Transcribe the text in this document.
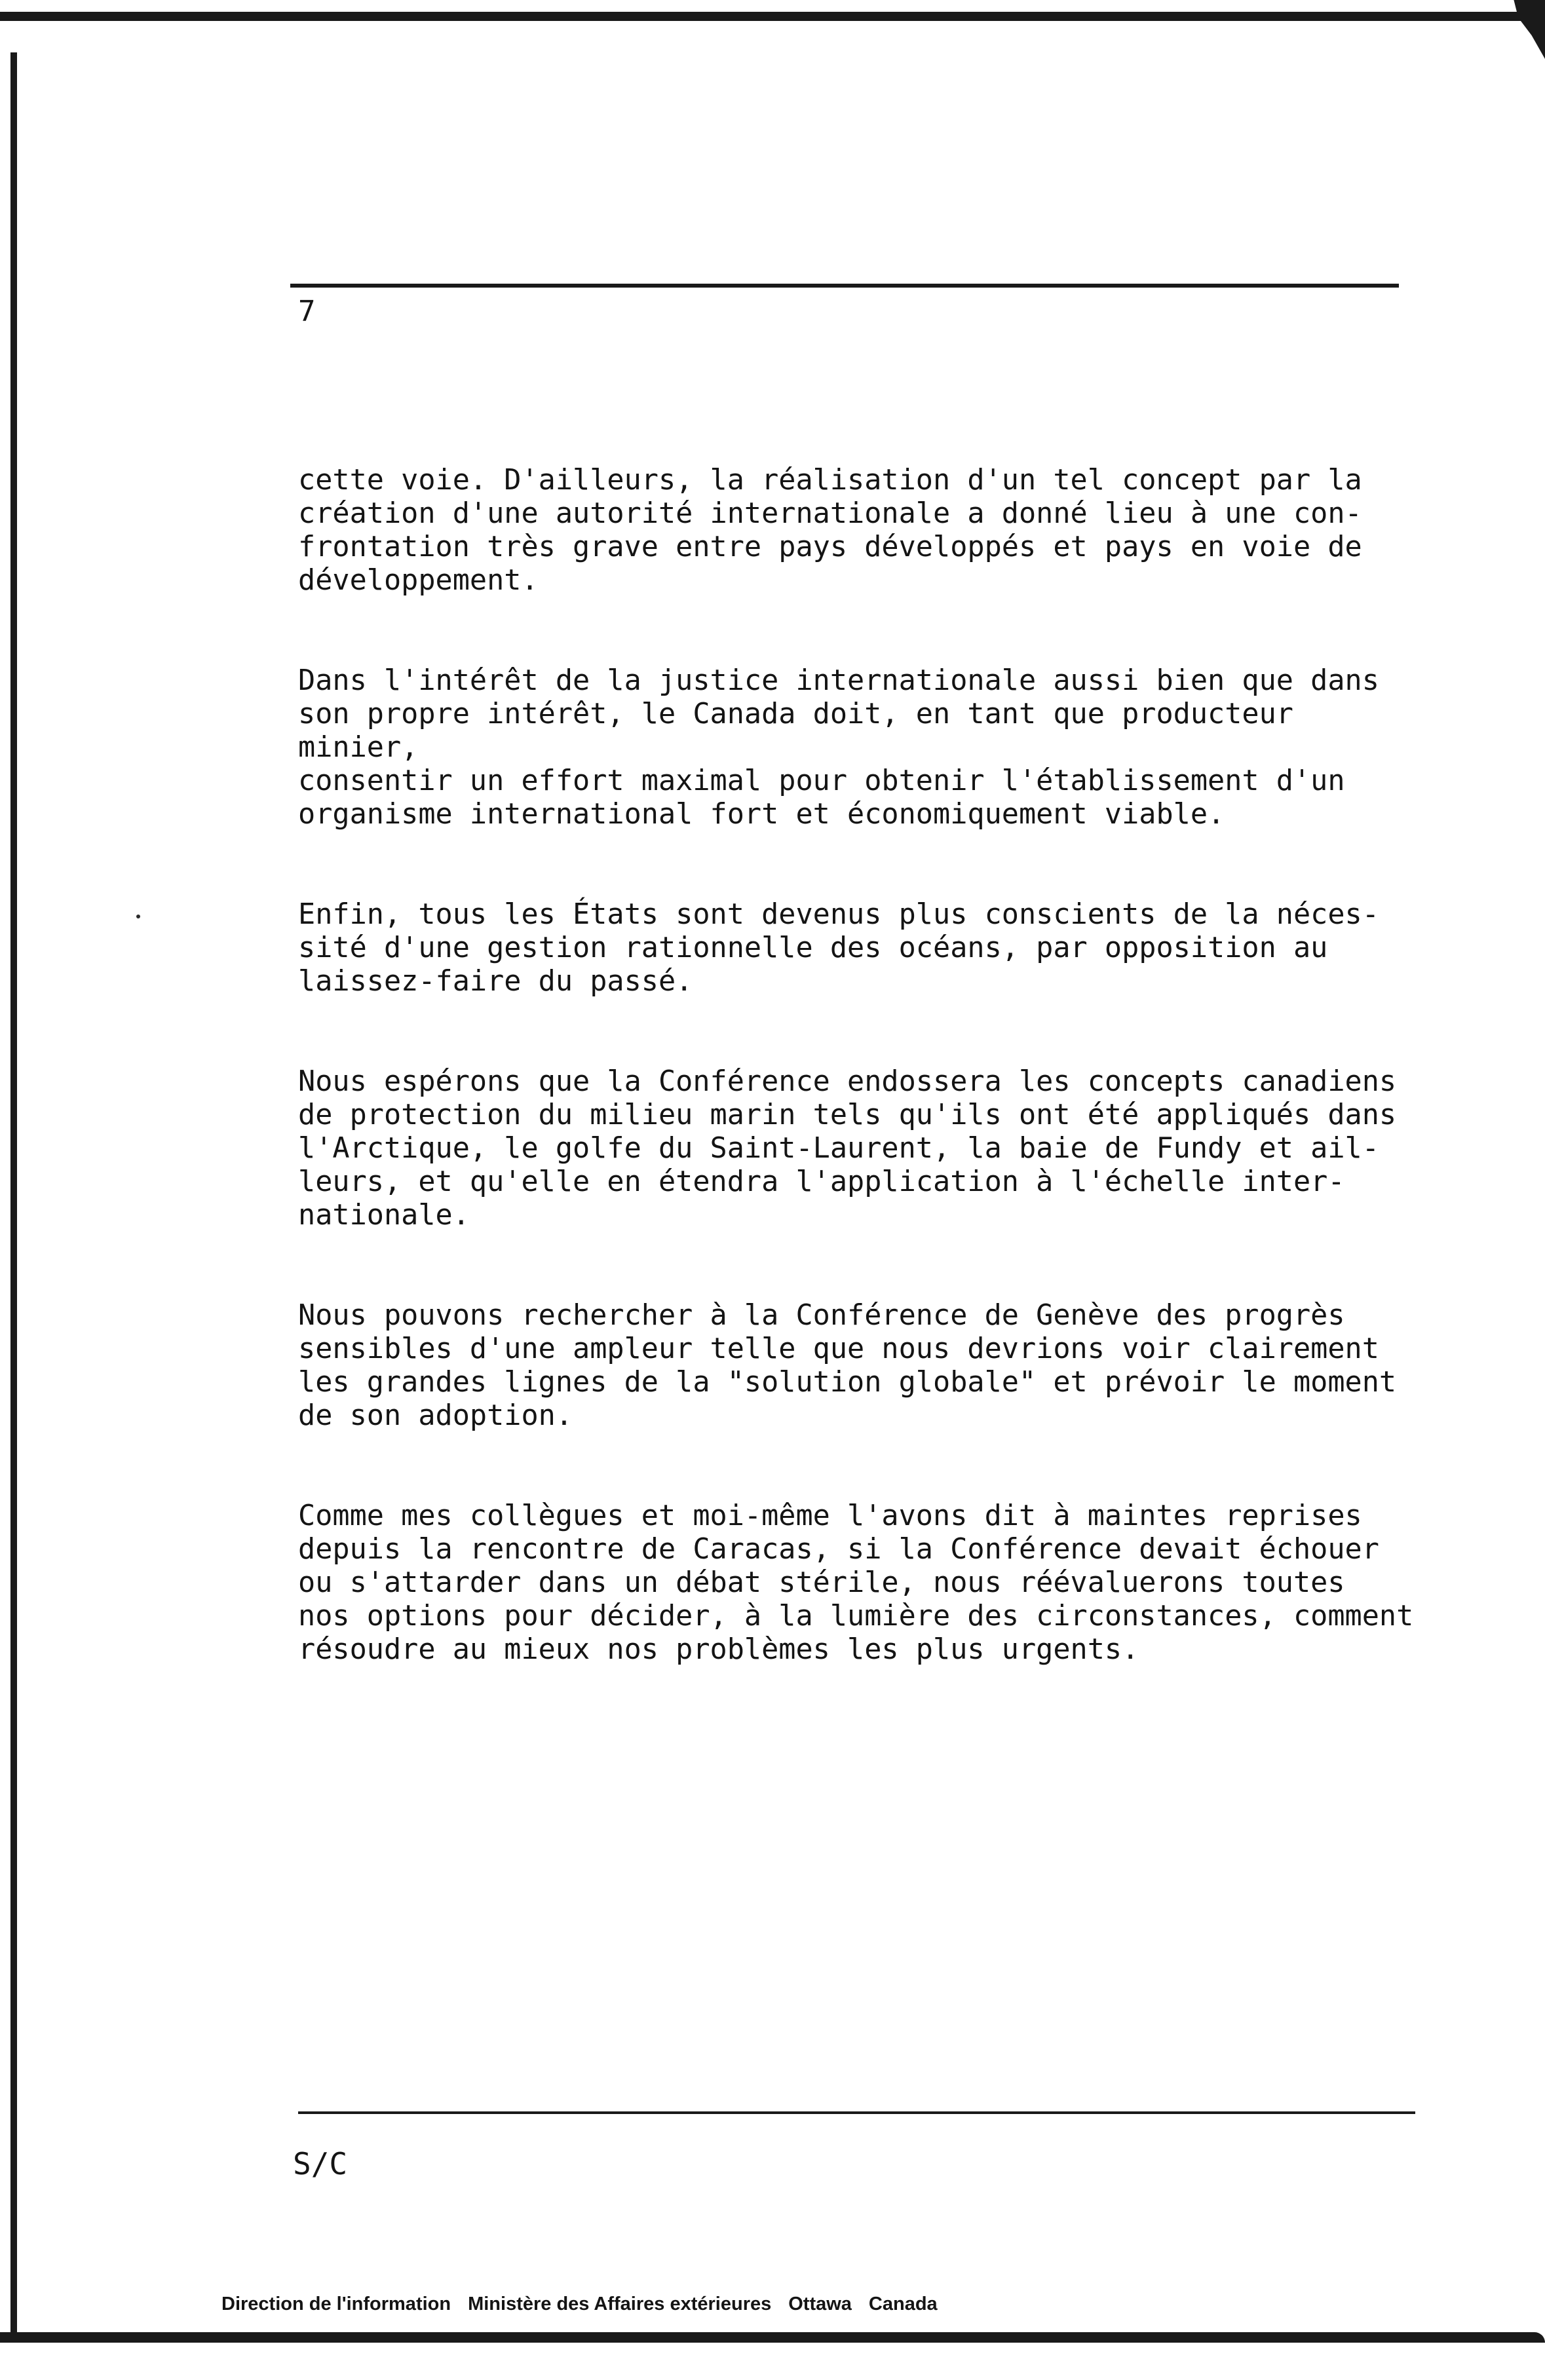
7

cette voie. D'ailleurs, la réalisation d'un tel concept par la
création d'une autorité internationale a donné lieu à une con-
frontation très grave entre pays développés et pays en voie de
développement.

Dans l'intérêt de la justice internationale aussi bien que dans
son propre intérêt, le Canada doit, en tant que producteur minier,
consentir un effort maximal pour obtenir l'établissement d'un
organisme international fort et économiquement viable.

Enfin, tous les États sont devenus plus conscients de la néces-
sité d'une gestion rationnelle des océans, par opposition au
laissez-faire du passé.

Nous espérons que la Conférence endossera les concepts canadiens
de protection du milieu marin tels qu'ils ont été appliqués dans
l'Arctique, le golfe du Saint-Laurent, la baie de Fundy et ail-
leurs, et qu'elle en étendra l'application à l'échelle inter-
nationale.

Nous pouvons rechercher à la Conférence de Genève des progrès
sensibles d'une ampleur telle que nous devrions voir clairement
les grandes lignes de la "solution globale" et prévoir le moment
de son adoption.

Comme mes collègues et moi-même l'avons dit à maintes reprises
depuis la rencontre de Caracas, si la Conférence devait échouer
ou s'attarder dans un débat stérile, nous réévaluerons toutes
nos options pour décider, à la lumière des circonstances, comment
résoudre au mieux nos problèmes les plus urgents.

S/C
Direction de l'information Ministère des Affaires extérieures Ottawa Canada
